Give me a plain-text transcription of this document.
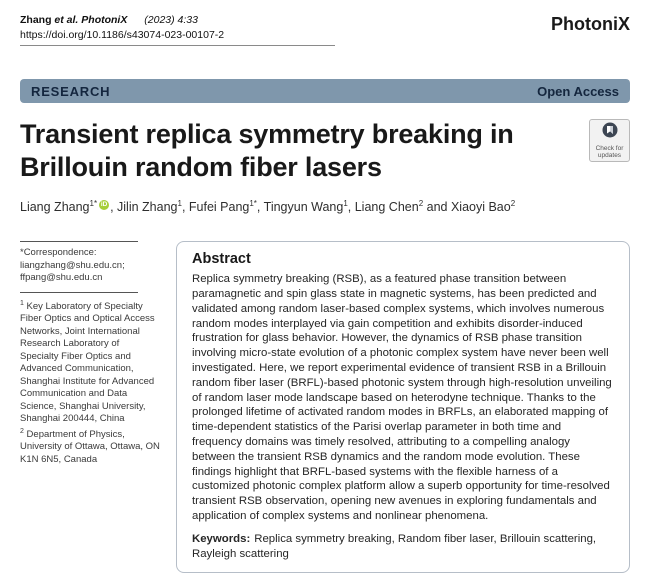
Zhang et al. PhotoniX (2023) 4:33
https://doi.org/10.1186/s43074-023-00107-2
PhotoniX
RESEARCH	Open Access
Transient replica symmetry breaking in Brillouin random fiber lasers
Check for
updates
Liang Zhang$^{1*}$ iD , Jilin Zhang$^1$, Fufei Pang$^{1*}$, Tingyun Wang$^1$, Liang Chen$^2$ and Xiaoyi Bao$^2$

*Correspondence:

liangzhang@shu.edu.cn;

ffpang@shu.edu.cn

$^1$ Key Laboratory of Specialty Fiber Optics and Optical Access Networks, Joint International Research Laboratory of Specialty Fiber Optics and Advanced Communication, Shanghai Institute for Advanced Communication and Data Science, Shanghai University, Shanghai 200444, China

$^2$ Department of Physics, University of Ottawa, Ottawa, ON K1N 6N5, Canada

Abstract

Replica symmetry breaking (RSB), as a featured phase transition between paramagnetic and spin glass state in magnetic systems, has been predicted and validated among random laser-based complex systems, which involves numerous random modes interplayed via gain competition and exhibits disorder-induced frustration for glass behavior. However, the dynamics of RSB phase transition involving micro-state evolution of a photonic complex system have never been well investigated. Here, we report experimental evidence of transient RSB in a Brillouin random fiber laser (BRFL)-based photonic system through high-resolution unveiling of random laser mode landscape based on heterodyne technique. Thanks to the prolonged lifetime of activated random modes in BRFLs, an elaborated mapping of time-dependent statistics of the Parisi overlap parameter in both time and frequency domains was timely resolved, attributing to a compelling analogy between the transient RSB dynamics and the random mode evolution. These findings highlight that BRFL-based systems with the flexible harness of a customized photonic complex platform allow a superb opportunity for time-resolved transient RSB observation, opening new avenues in exploring fundamentals and application of complex systems and nonlinear phenomena.

Keywords: Replica symmetry breaking, Random fiber laser, Brillouin scattering, Rayleigh scattering
